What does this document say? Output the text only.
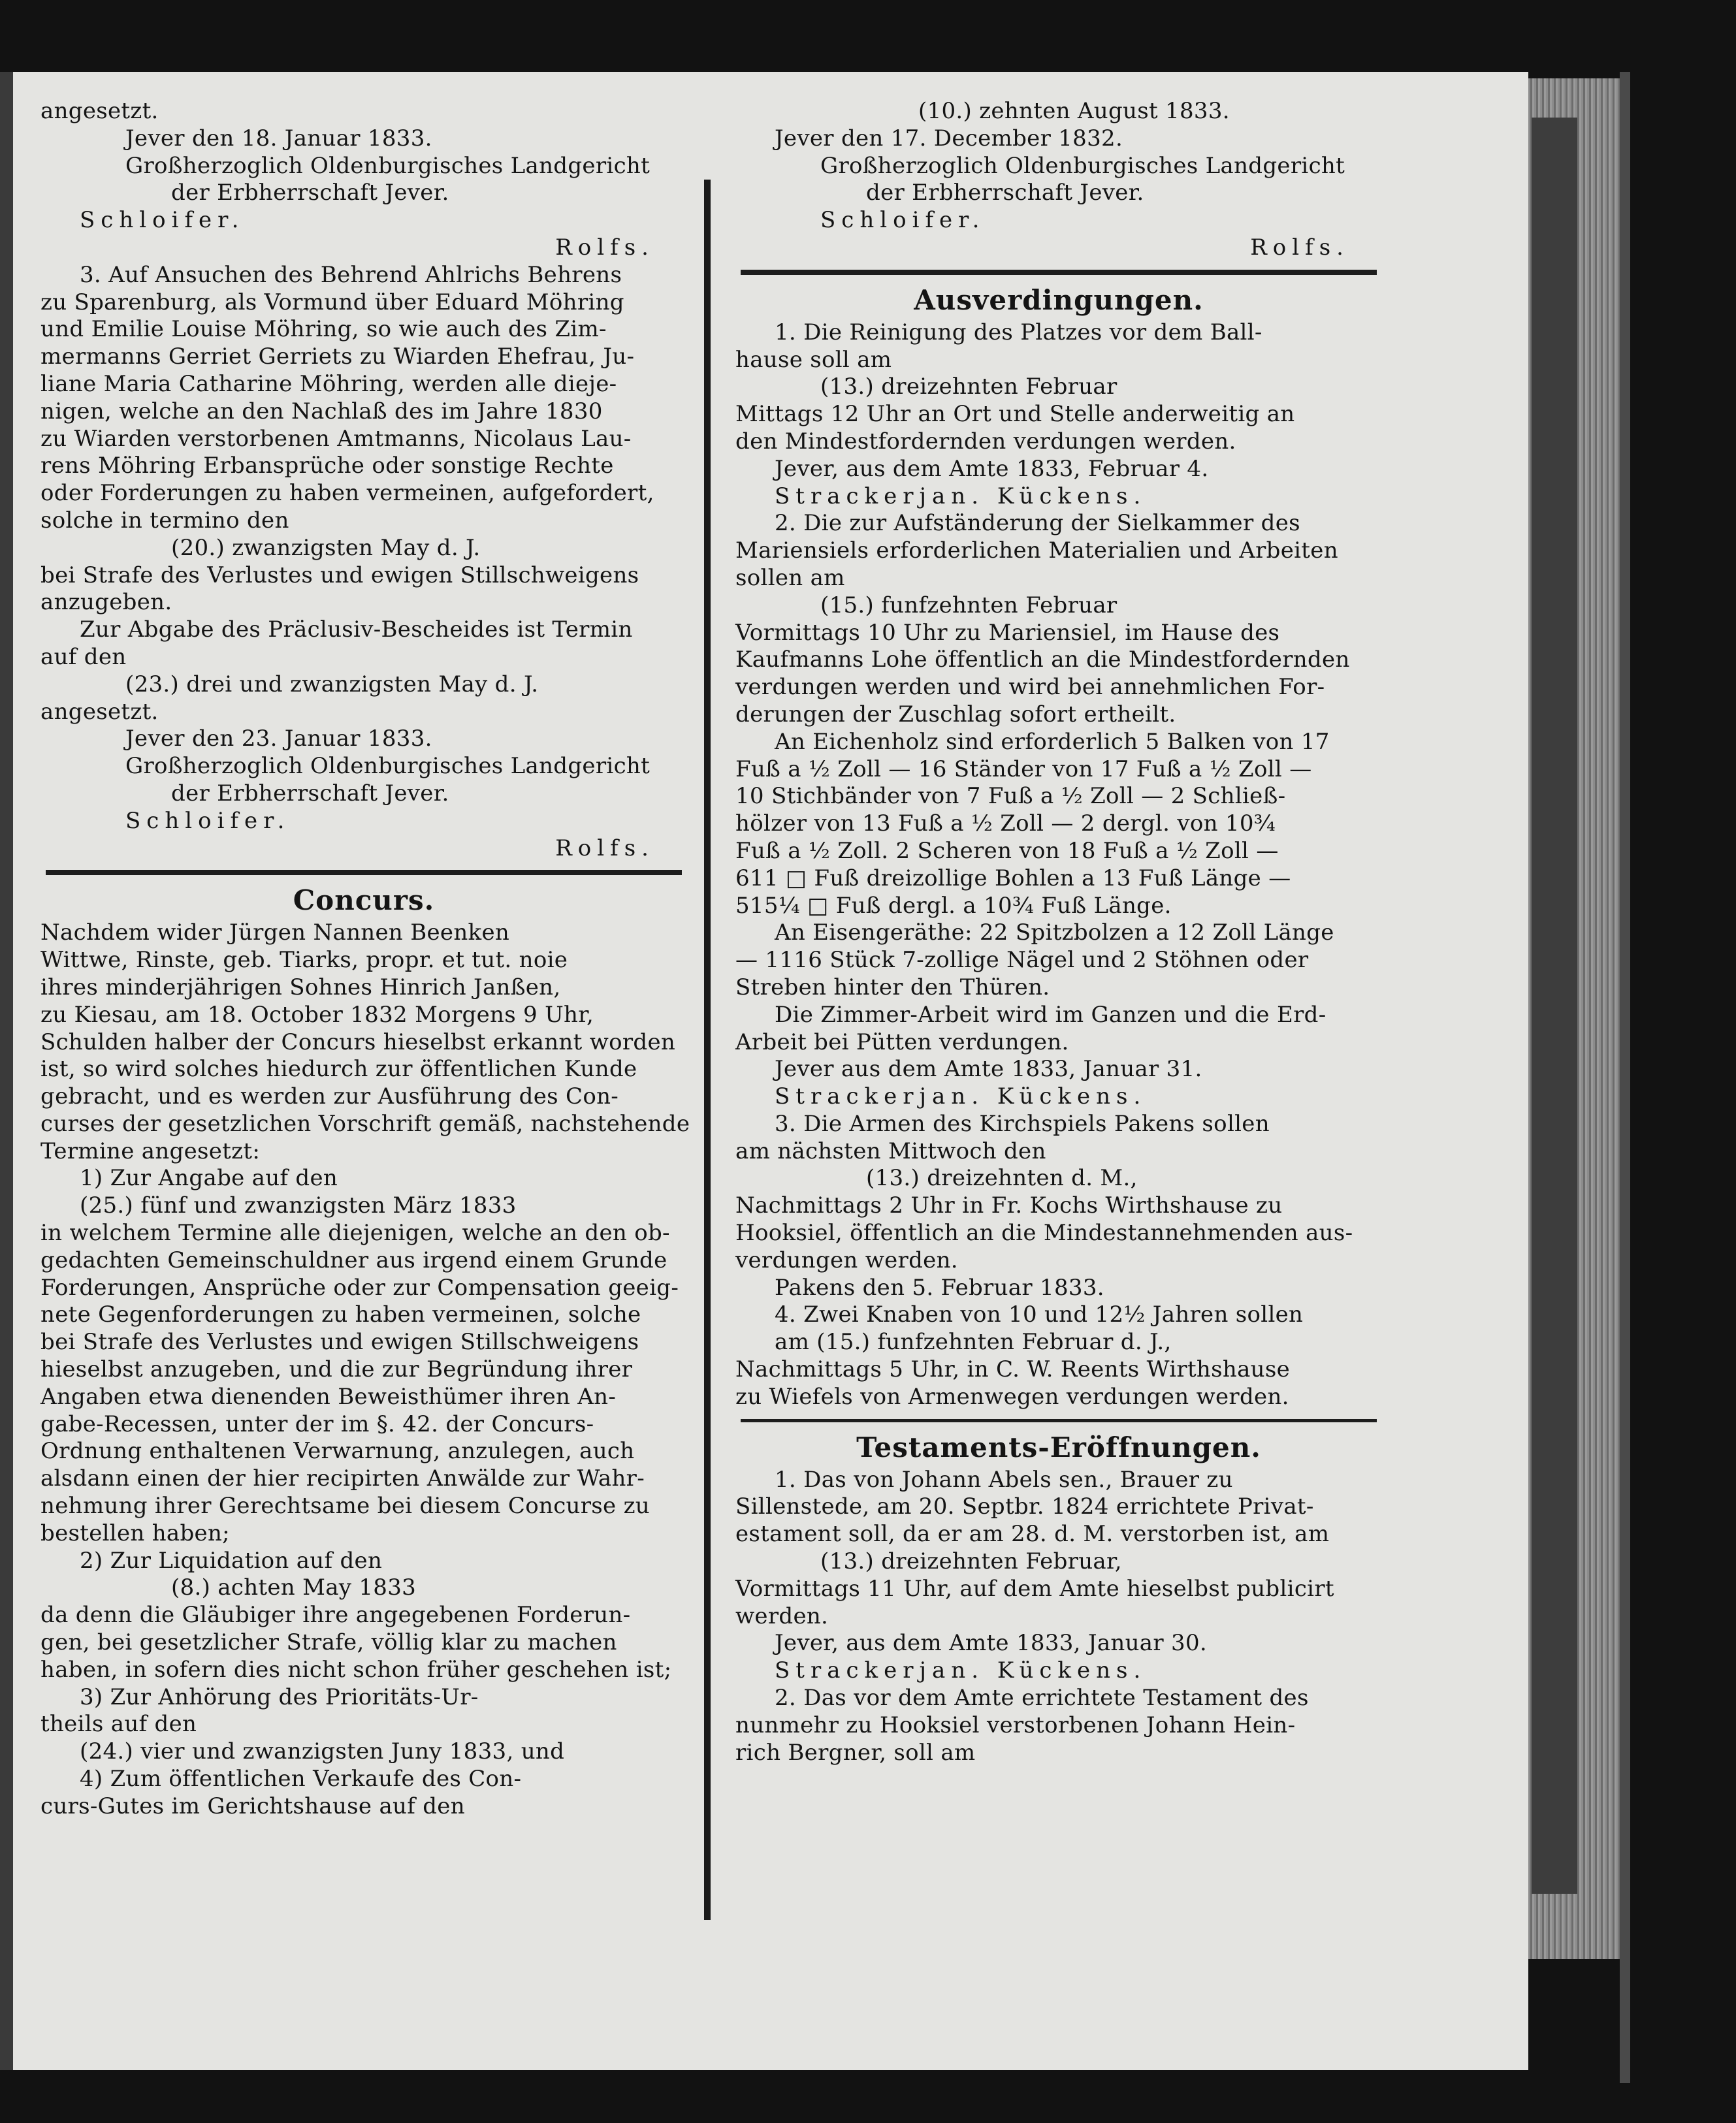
angesetzt.
Jever den 18. Januar 1833.
Großherzoglich Oldenburgisches Landgericht
der Erbherrschaft Jever.
Schloifer.
Rolfs.
3. Auf Ansuchen des Behrend Ahlrichs Behrens
zu Sparenburg, als Vormund über Eduard Möhring
und Emilie Louise Möhring, so wie auch des Zim-
mermanns Gerriet Gerriets zu Wiarden Ehefrau, Ju-
liane Maria Catharine Möhring, werden alle dieje-
nigen, welche an den Nachlaß des im Jahre 1830
zu Wiarden verstorbenen Amtmanns, Nicolaus Lau-
rens Möhring Erbansprüche oder sonstige Rechte
oder Forderungen zu haben vermeinen, aufgefordert,
solche in termino den
(20.) zwanzigsten May d. J.
bei Strafe des Verlustes und ewigen Stillschweigens
anzugeben.
Zur Abgabe des Präclusiv-Bescheides ist Termin
auf den
(23.) drei und zwanzigsten May d. J.
angesetzt.
Jever den 23. Januar 1833.
Großherzoglich Oldenburgisches Landgericht
der Erbherrschaft Jever.
Schloifer.
Rolfs.
Concurs.
Nachdem wider Jürgen Nannen Beenken
Wittwe, Rinste, geb. Tiarks, propr. et tut. noie
ihres minderjährigen Sohnes Hinrich Janßen,
zu Kiesau, am 18. October 1832 Morgens 9 Uhr,
Schulden halber der Concurs hieselbst erkannt worden
ist, so wird solches hiedurch zur öffentlichen Kunde
gebracht, und es werden zur Ausführung des Con-
curses der gesetzlichen Vorschrift gemäß, nachstehende
Termine angesetzt:
1) Zur Angabe auf den
(25.) fünf und zwanzigsten März 1833
in welchem Termine alle diejenigen, welche an den ob-
gedachten Gemeinschuldner aus irgend einem Grunde
Forderungen, Ansprüche oder zur Compensation geeig-
nete Gegenforderungen zu haben vermeinen, solche
bei Strafe des Verlustes und ewigen Stillschweigens
hieselbst anzugeben, und die zur Begründung ihrer
Angaben etwa dienenden Beweisthümer ihren An-
gabe-Recessen, unter der im §. 42. der Concurs-
Ordnung enthaltenen Verwarnung, anzulegen, auch
alsdann einen der hier recipirten Anwälde zur Wahr-
nehmung ihrer Gerechtsame bei diesem Concurse zu
bestellen haben;
2) Zur Liquidation auf den
(8.) achten May 1833
da denn die Gläubiger ihre angegebenen Forderun-
gen, bei gesetzlicher Strafe, völlig klar zu machen
haben, in sofern dies nicht schon früher geschehen ist;
3) Zur Anhörung des Prioritäts-Ur-
theils auf den
(24.) vier und zwanzigsten Juny 1833, und
4) Zum öffentlichen Verkaufe des Con-
curs-Gutes im Gerichtshause auf den
(10.) zehnten August 1833.
Jever den 17. December 1832.
Großherzoglich Oldenburgisches Landgericht
der Erbherrschaft Jever.
Schloifer.
Rolfs.
Ausverdingungen.
1. Die Reinigung des Platzes vor dem Ball-
hause soll am
(13.) dreizehnten Februar
Mittags 12 Uhr an Ort und Stelle anderweitig an
den Mindestfordernden verdungen werden.
Jever, aus dem Amte 1833, Februar 4.
Strackerjan. Kückens.
2. Die zur Aufständerung der Sielkammer des
Mariensiels erforderlichen Materialien und Arbeiten
sollen am
(15.) funfzehnten Februar
Vormittags 10 Uhr zu Mariensiel, im Hause des
Kaufmanns Lohe öffentlich an die Mindestfordernden
verdungen werden und wird bei annehmlichen For-
derungen der Zuschlag sofort ertheilt.
An Eichenholz sind erforderlich 5 Balken von 17
Fuß a ½ Zoll — 16 Ständer von 17 Fuß a ½ Zoll —
10 Stichbänder von 7 Fuß a ½ Zoll — 2 Schließ-
hölzer von 13 Fuß a ½ Zoll — 2 dergl. von 10¾
Fuß a ½ Zoll. 2 Scheren von 18 Fuß a ½ Zoll —
611 □ Fuß dreizollige Bohlen a 13 Fuß Länge —
515¼ □ Fuß dergl. a 10¾ Fuß Länge.
An Eisengeräthe: 22 Spitzbolzen a 12 Zoll Länge
— 1116 Stück 7-zollige Nägel und 2 Stöhnen oder
Streben hinter den Thüren.
Die Zimmer-Arbeit wird im Ganzen und die Erd-
Arbeit bei Pütten verdungen.
Jever aus dem Amte 1833, Januar 31.
Strackerjan. Kückens.
3. Die Armen des Kirchspiels Pakens sollen
am nächsten Mittwoch den
(13.) dreizehnten d. M.,
Nachmittags 2 Uhr in Fr. Kochs Wirthshause zu
Hooksiel, öffentlich an die Mindestannehmenden aus-
verdungen werden.
Pakens den 5. Februar 1833.
4. Zwei Knaben von 10 und 12½ Jahren sollen
am (15.) funfzehnten Februar d. J.,
Nachmittags 5 Uhr, in C. W. Reents Wirthshause
zu Wiefels von Armenwegen verdungen werden.
Testaments-Eröffnungen.
1. Das von Johann Abels sen., Brauer zu
Sillenstede, am 20. Septbr. 1824 errichtete Privat-
estament soll, da er am 28. d. M. verstorben ist, am
(13.) dreizehnten Februar,
Vormittags 11 Uhr, auf dem Amte hieselbst publicirt
werden.
Jever, aus dem Amte 1833, Januar 30.
Strackerjan. Kückens.
2. Das vor dem Amte errichtete Testament des
nunmehr zu Hooksiel verstorbenen Johann Hein-
rich Bergner, soll am
